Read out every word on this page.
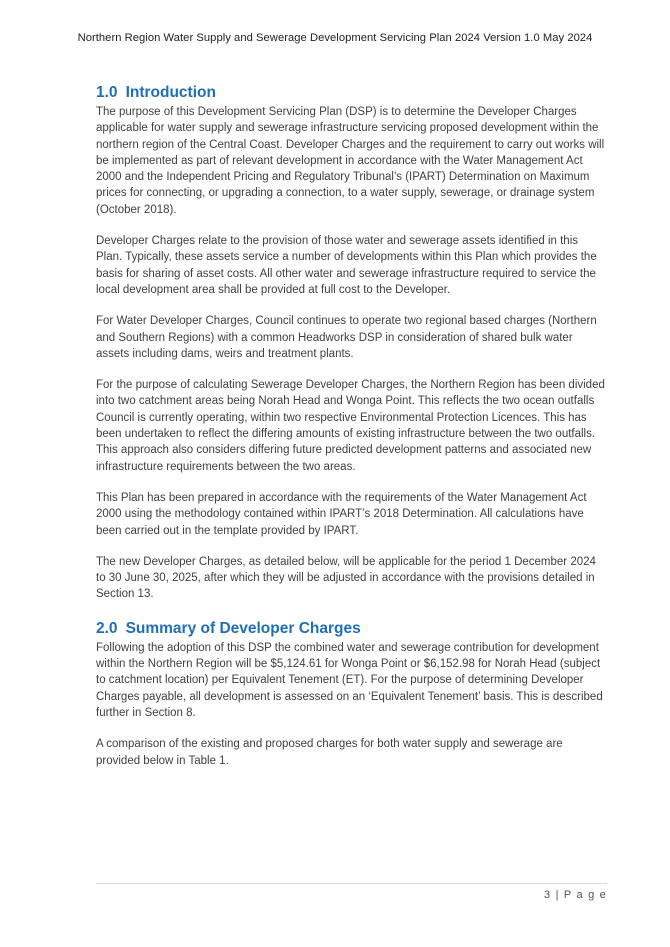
Northern Region Water Supply and Sewerage Development Servicing Plan 2024 Version 1.0 May 2024
1.0 Introduction

The purpose of this Development Servicing Plan (DSP) is to determine the Developer Charges applicable for water supply and sewerage infrastructure servicing proposed development within the northern region of the Central Coast. Developer Charges and the requirement to carry out works will be implemented as part of relevant development in accordance with the Water Management Act 2000 and the Independent Pricing and Regulatory Tribunal’s (IPART) Determination on Maximum prices for connecting, or upgrading a connection, to a water supply, sewerage, or drainage system (October 2018).

Developer Charges relate to the provision of those water and sewerage assets identified in this Plan. Typically, these assets service a number of developments within this Plan which provides the basis for sharing of asset costs. All other water and sewerage infrastructure required to service the local development area shall be provided at full cost to the Developer.

For Water Developer Charges, Council continues to operate two regional based charges (Northern and Southern Regions) with a common Headworks DSP in consideration of shared bulk water assets including dams, weirs and treatment plants.

For the purpose of calculating Sewerage Developer Charges, the Northern Region has been divided into two catchment areas being Norah Head and Wonga Point. This reflects the two ocean outfalls Council is currently operating, within two respective Environmental Protection Licences. This has been undertaken to reflect the differing amounts of existing infrastructure between the two outfalls. This approach also considers differing future predicted development patterns and associated new infrastructure requirements between the two areas.

This Plan has been prepared in accordance with the requirements of the Water Management Act 2000 using the methodology contained within IPART’s 2018 Determination. All calculations have been carried out in the template provided by IPART.

The new Developer Charges, as detailed below, will be applicable for the period 1 December 2024 to 30 June 30, 2025, after which they will be adjusted in accordance with the provisions detailed in Section 13.

2.0 Summary of Developer Charges

Following the adoption of this DSP the combined water and sewerage contribution for development within the Northern Region will be $5,124.61 for Wonga Point or $6,152.98 for Norah Head (subject to catchment location) per Equivalent Tenement (ET). For the purpose of determining Developer Charges payable, all development is assessed on an ‘Equivalent Tenement’ basis. This is described further in Section 8.

A comparison of the existing and proposed charges for both water supply and sewerage are provided below in Table 1.

3 | P a g e
